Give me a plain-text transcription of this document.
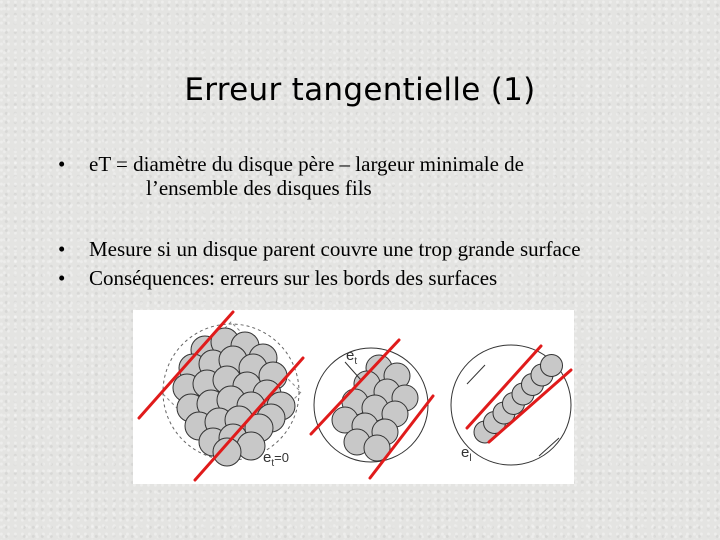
Erreur tangentielle (1)
• eT = diamètre du disque père – largeur minimale de
l’ensemble des disques fils
• Mesure si un disque parent couvre une trop grande surface
• Conséquences: erreurs sur les bords des surfaces
$e_t$
$e_t=0$	$e_l$
